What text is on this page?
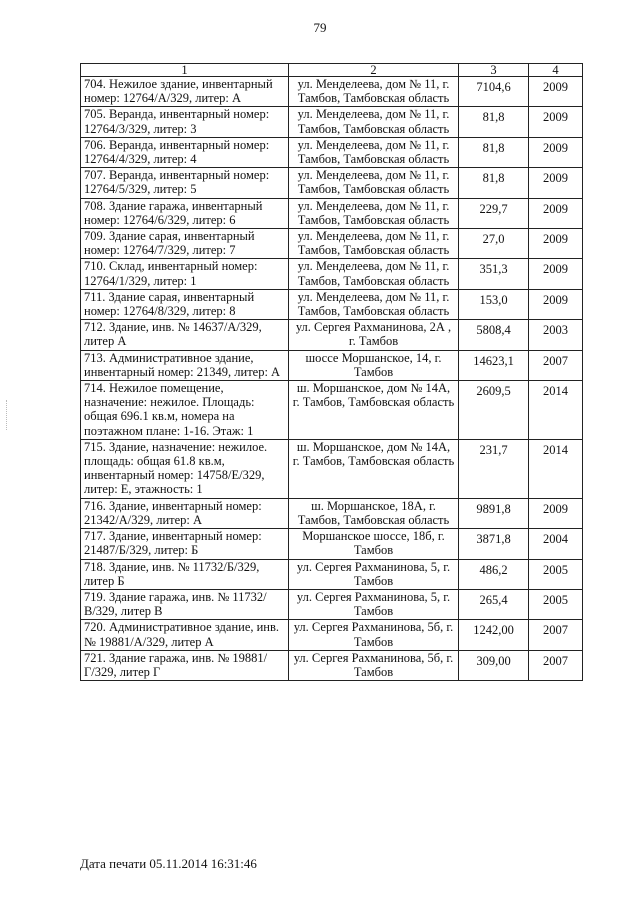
79
1	2	3	4
704. Нежилое здание, инвентарный номер: 12764/А/329, литер: А	ул. Менделеева, дом № 11, г. Тамбов, Тамбовская область	7104,6	2009
705. Веранда, инвентарный номер: 12764/3/329, литер: 3	ул. Менделеева, дом № 11, г. Тамбов, Тамбовская область	81,8	2009
706. Веранда, инвентарный номер: 12764/4/329, литер: 4	ул. Менделеева, дом № 11, г. Тамбов, Тамбовская область	81,8	2009
707. Веранда, инвентарный номер: 12764/5/329, литер: 5	ул. Менделеева, дом № 11, г. Тамбов, Тамбовская область	81,8	2009
708. Здание гаража, инвентарный номер: 12764/6/329, литер: 6	ул. Менделеева, дом № 11, г. Тамбов, Тамбовская область	229,7	2009
709. Здание сарая, инвентарный номер: 12764/7/329, литер: 7	ул. Менделеева, дом № 11, г. Тамбов, Тамбовская область	27,0	2009
710. Склад, инвентарный номер: 12764/1/329, литер: 1	ул. Менделеева, дом № 11, г. Тамбов, Тамбовская область	351,3	2009
711. Здание сарая, инвентарный номер: 12764/8/329, литер: 8	ул. Менделеева, дом № 11, г. Тамбов, Тамбовская область	153,0	2009
712. Здание, инв. № 14637/А/329, литер А	ул. Сергея Рахманинова, 2А , г. Тамбов	5808,4	2003
713. Административное здание, инвентарный номер: 21349, литер: А	шоссе Моршанское, 14, г. Тамбов	14623,1	2007
714. Нежилое помещение, назначение: нежилое. Площадь: общая 696.1 кв.м, номера на поэтажном плане: 1-16. Этаж: 1	ш. Моршанское, дом № 14А, г. Тамбов, Тамбовская область	2609,5	2014
715. Здание, назначение: нежилое. площадь: общая 61.8 кв.м, инвентарный номер: 14758/Е/329, литер: Е, этажность: 1	ш. Моршанское, дом № 14А, г. Тамбов, Тамбовская область	231,7	2014
716. Здание, инвентарный номер: 21342/А/329, литер: А	ш. Моршанское, 18А, г. Тамбов, Тамбовская область	9891,8	2009
717. Здание, инвентарный номер: 21487/Б/329, литер: Б	Моршанское шоссе, 18б, г. Тамбов	3871,8	2004
718. Здание, инв. № 11732/Б/329, литер Б	ул. Сергея Рахманинова, 5, г. Тамбов	486,2	2005
719. Здание гаража, инв. № 11732/В/329, литер В	ул. Сергея Рахманинова, 5, г. Тамбов	265,4	2005
720. Административное здание, инв. № 19881/А/329, литер А	ул. Сергея Рахманинова, 5б, г. Тамбов	1242,00	2007
721. Здание гаража, инв. № 19881/Г/329, литер Г	ул. Сергея Рахманинова, 5б, г. Тамбов	309,00	2007
Дата печати 05.11.2014 16:31:46
